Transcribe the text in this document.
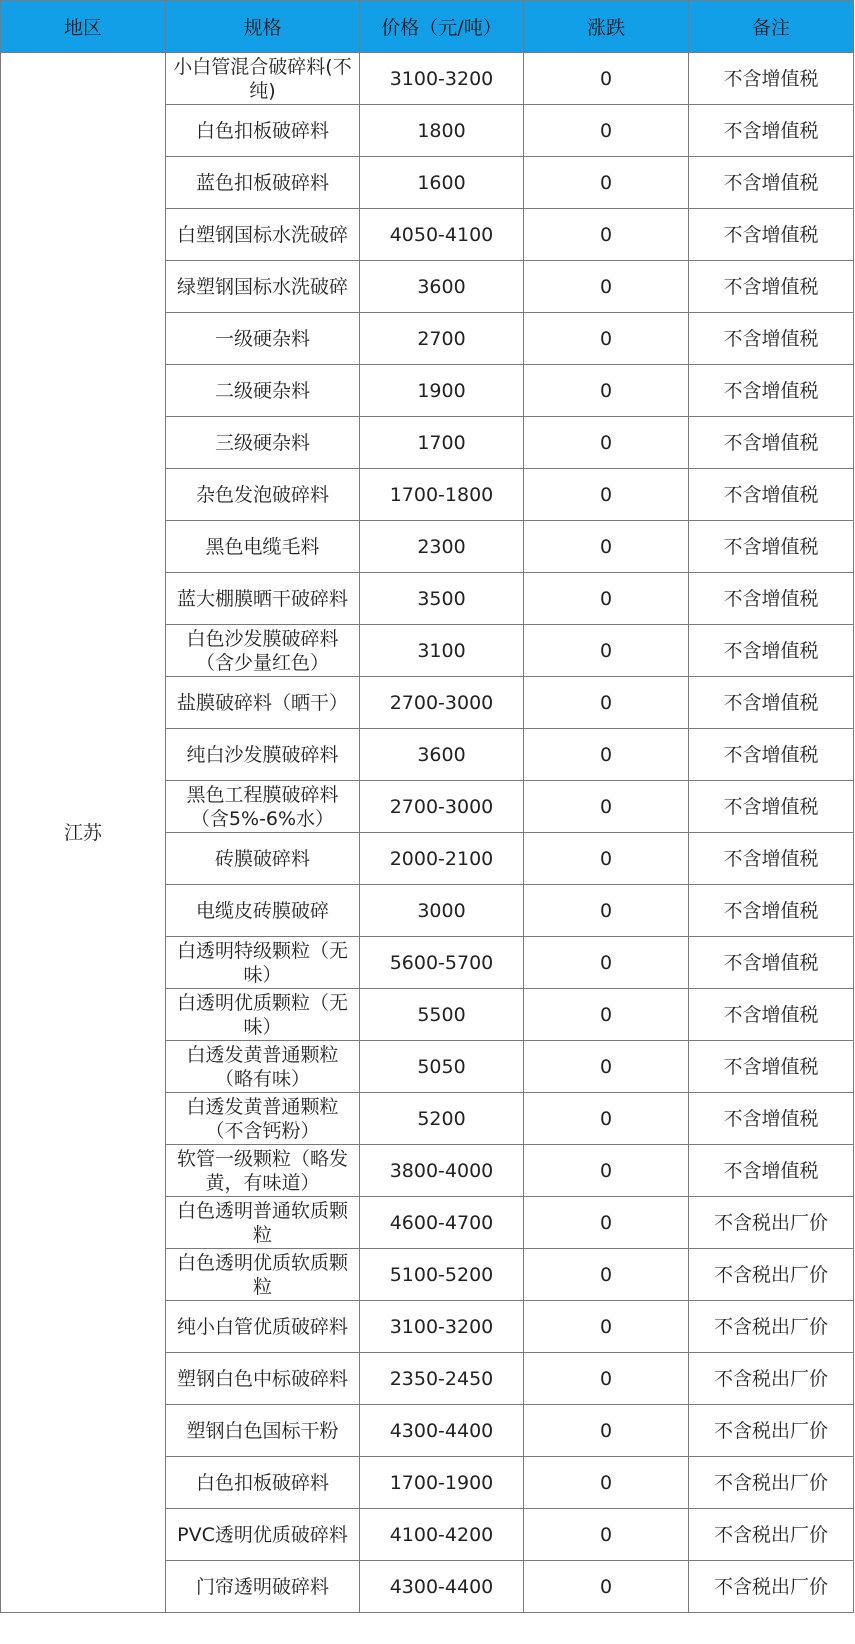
地区	规格	价格（元/吨）	涨跌	备注
江苏	小白管混合破碎料(不纯)	3100-3200	0	不含增值税
	白色扣板破碎料	1800	0	不含增值税
	蓝色扣板破碎料	1600	0	不含增值税
	白塑钢国标水洗破碎	4050-4100	0	不含增值税
	绿塑钢国标水洗破碎	3600	0	不含增值税
	一级硬杂料	2700	0	不含增值税
	二级硬杂料	1900	0	不含增值税
	三级硬杂料	1700	0	不含增值税
	杂色发泡破碎料	1700-1800	0	不含增值税
	黑色电缆毛料	2300	0	不含增值税
	蓝大棚膜晒干破碎料	3500	0	不含增值税
	白色沙发膜破碎料（含少量红色）	3100	0	不含增值税
	盐膜破碎料（晒干）	2700-3000	0	不含增值税
	纯白沙发膜破碎料	3600	0	不含增值税
	黑色工程膜破碎料（含5%-6%水）	2700-3000	0	不含增值税
	砖膜破碎料	2000-2100	0	不含增值税
	电缆皮砖膜破碎	3000	0	不含增值税
	白透明特级颗粒（无味）	5600-5700	0	不含增值税
	白透明优质颗粒（无味）	5500	0	不含增值税
	白透发黄普通颗粒（略有味）	5050	0	不含增值税
	白透发黄普通颗粒（不含钙粉）	5200	0	不含增值税
	软管一级颗粒（略发黄，有味道）	3800-4000	0	不含增值税
	白色透明普通软质颗粒	4600-4700	0	不含税出厂价
	白色透明优质软质颗粒	5100-5200	0	不含税出厂价
	纯小白管优质破碎料	3100-3200	0	不含税出厂价
	塑钢白色中标破碎料	2350-2450	0	不含税出厂价
	塑钢白色国标干粉	4300-4400	0	不含税出厂价
	白色扣板破碎料	1700-1900	0	不含税出厂价
	PVC透明优质破碎料	4100-4200	0	不含税出厂价
	门帘透明破碎料	4300-4400	0	不含税出厂价
